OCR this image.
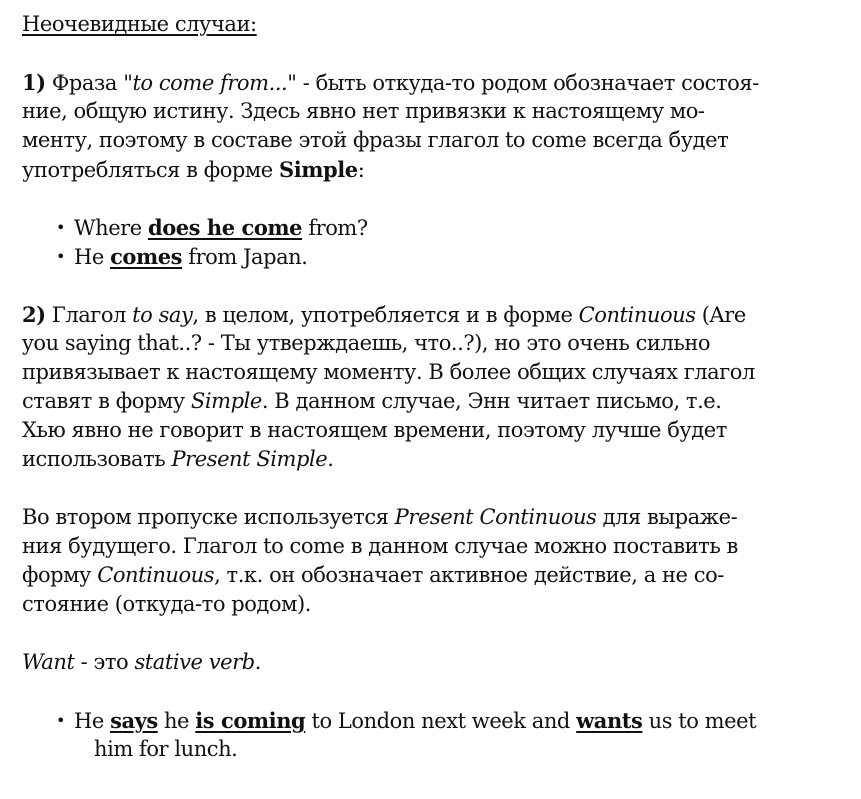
Неочевидные случаи:
1) Фраза "to come from..." - быть откуда-то родом обозначает состоя-
ние, общую истину. Здесь явно нет привязки к настоящему мо-
менту, поэтому в составе этой фразы глагол to come всегда будет
употребляться в форме Simple:
• Where does he come from?
• He comes from Japan.
2) Глагол to say, в целом, употребляется и в форме Continuous (Are
you saying that..? - Ты утверждаешь, что..?), но это очень сильно
привязывает к настоящему моменту. В более общих случаях глагол
ставят в форму Simple. В данном случае, Энн читает письмо, т.е.
Хью явно не говорит в настоящем времени, поэтому лучше будет
использовать Present Simple.
Во втором пропуске используется Present Continuous для выраже-
ния будущего. Глагол to come в данном случае можно поставить в
форму Continuous, т.к. он обозначает активное действие, а не со-
стояние (откуда-то родом).
Want - это stative verb.
• He says he is coming to London next week and wants us to meet
him for lunch.
